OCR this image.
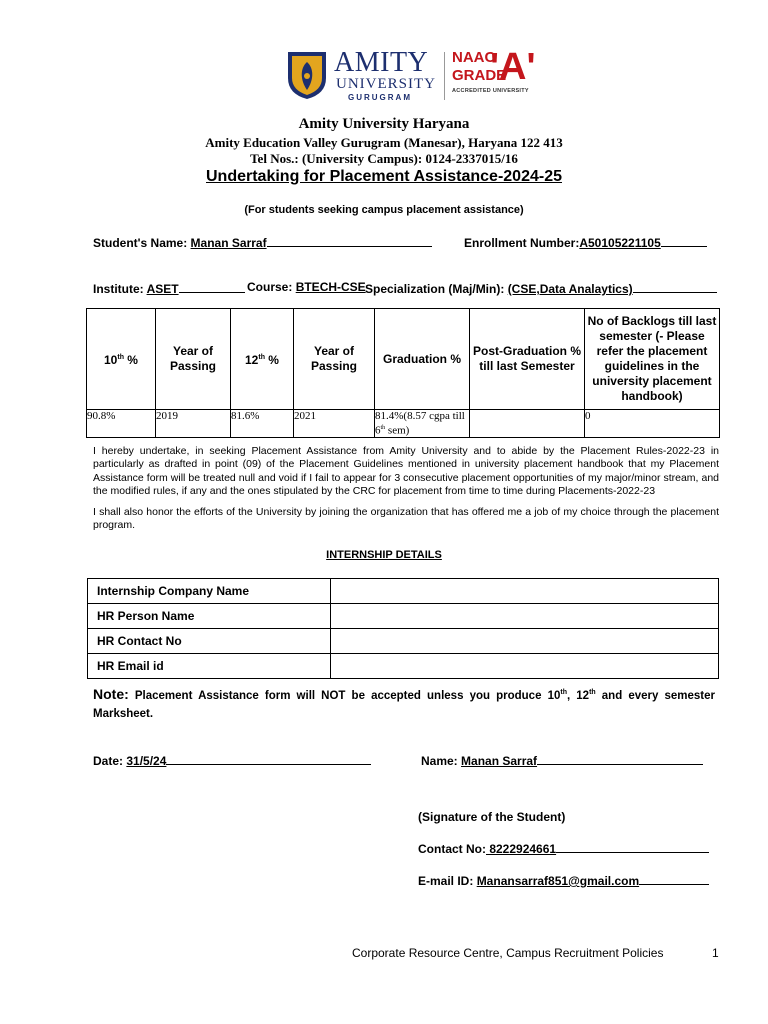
AMITY
UNIVERSITY
GURUGRAM
NAAC
GRADE
'A'
ACCREDITED UNIVERSITY
Amity University Haryana
Amity Education Valley Gurugram (Manesar), Haryana 122 413
Tel Nos.: (University Campus): 0124-2337015/16
Undertaking for Placement Assistance-2024-25
(For students seeking campus placement assistance)
Student's Name: Manan Sarraf	Enrollment Number:A50105221105
Institute: ASET	Course: BTECH-CSE Specialization (Maj/Min): (CSE,Data Analaytics)
10th %	Year of Passing	12th %	Year of Passing	Graduation %	Post-Graduation % till last Semester	No of Backlogs till last semester (- Please refer the placement guidelines in the university placement handbook)
90.8%	2019	81.6%	2021	81.4%(8.57 cgpa till 6th sem)		0
I hereby undertake, in seeking Placement Assistance from Amity University and to abide by the Placement Rules-2022-23 in particularly as drafted in point (09) of the Placement Guidelines mentioned in university placement handbook that my Placement Assistance form will be treated null and void if I fail to appear for 3 consecutive placement opportunities of my major/minor stream, and the modified rules, if any and the ones stipulated by the CRC for placement from time to time during Placements-2022-23
I shall also honor the efforts of the University by joining the organization that has offered me a job of my choice through the placement program.
INTERNSHIP DETAILS
Internship Company Name	
HR Person Name	
HR Contact No	
HR Email id	
Note: Placement Assistance form will NOT be accepted unless you produce 10th, 12th and every semester Marksheet.
Date: 31/5/24	Name: Manan Sarraf
(Signature of the Student)
Contact No: 8222924661
E-mail ID: Manansarraf851@gmail.com
Corporate Resource Centre, Campus Recruitment Policies	1
